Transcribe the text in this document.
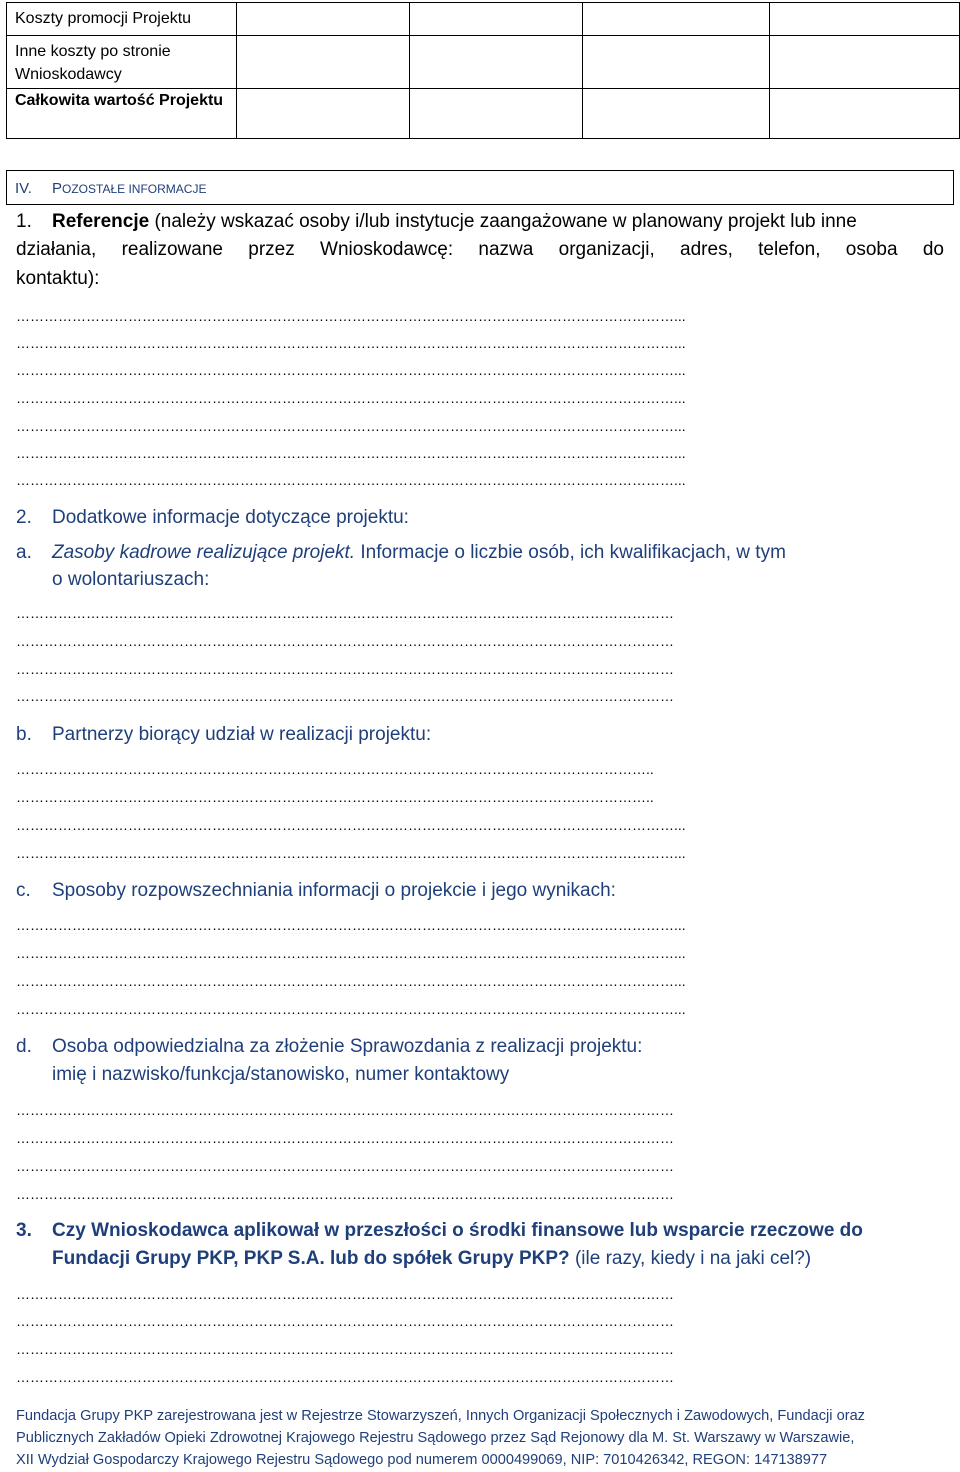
Koszty promocji Projektu				

Inne koszty po stronie Wnioskodawcy				

Całkowita wartość Projektu				

IV. POZOSTAŁE INFORMACJE
1. Referencje (należy wskazać osoby i/lub instytucje zaangażowane w planowany projekt lub inne
działania, realizowane przez Wnioskodawcę: nazwa organizacji, adres, telefon, osoba do
kontaktu):
……………………………………………………………………………………………………………………………...
……………………………………………………………………………………………………………………………...
……………………………………………………………………………………………………………………………...
……………………………………………………………………………………………………………………………...
……………………………………………………………………………………………………………………………...
……………………………………………………………………………………………………………………………...
……………………………………………………………………………………………………………………………...
2. Dodatkowe informacje dotyczące projektu:
a. Zasoby kadrowe realizujące projekt. Informacje o liczbie osób, ich kwalifikacjach, w tym
o wolontariuszach:
……………………………………………………………………………………………………………………………
……………………………………………………………………………………………………………………………
……………………………………………………………………………………………………………………………
……………………………………………………………………………………………………………………………
b. Partnerzy biorący udział w realizacji projektu:
………………………………………………………………………………………………………………………..
………………………………………………………………………………………………………………………..
……………………………………………………………………………………………………………………………...
……………………………………………………………………………………………………………………………...
c. Sposoby rozpowszechniania informacji o projekcie i jego wynikach:
……………………………………………………………………………………………………………………………...
……………………………………………………………………………………………………………………………...
……………………………………………………………………………………………………………………………...
……………………………………………………………………………………………………………………………...
d. Osoba odpowiedzialna za złożenie Sprawozdania z realizacji projektu:
imię i nazwisko/funkcja/stanowisko, numer kontaktowy
……………………………………………………………………………………………………………………………
……………………………………………………………………………………………………………………………
……………………………………………………………………………………………………………………………
……………………………………………………………………………………………………………………………
3. Czy Wnioskodawca aplikował w przeszłości o środki finansowe lub wsparcie rzeczowe do
Fundacji Grupy PKP, PKP S.A. lub do spółek Grupy PKP? (ile razy, kiedy i na jaki cel?)
……………………………………………………………………………………………………………………………
……………………………………………………………………………………………………………………………
……………………………………………………………………………………………………………………………
……………………………………………………………………………………………………………………………
Fundacja Grupy PKP zarejestrowana jest w Rejestrze Stowarzyszeń, Innych Organizacji Społecznych i Zawodowych, Fundacji oraz
Publicznych Zakładów Opieki Zdrowotnej Krajowego Rejestru Sądowego przez Sąd Rejonowy dla M. St. Warszawy w Warszawie,
XII Wydział Gospodarczy Krajowego Rejestru Sądowego pod numerem 0000499069, NIP: 7010426342, REGON: 147138977
